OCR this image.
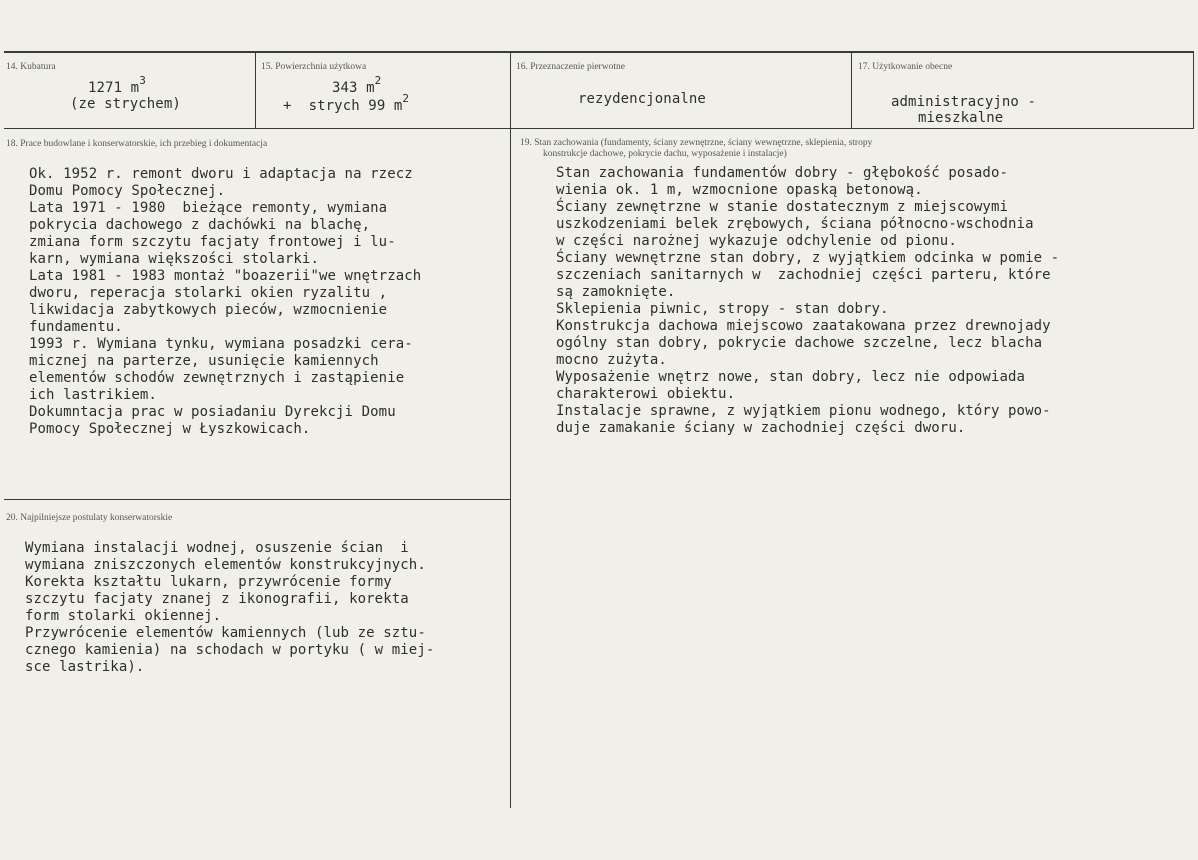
14. Kubatura
1271 $m^3$
(ze strychem)
15. Powierzchnia użytkowa
343 $m^2$
+  strych 99 $m^2$
16. Przeznaczenie pierwotne
rezydencjonalne
17. Użytkowanie obecne
administracyjno -
mieszkalne
18. Prace budowlane i konserwatorskie, ich przebieg i dokumentacja
Ok. 1952 r. remont dworu i adaptacja na rzecz
Domu Pomocy Społecznej.
Lata 1971 - 1980  bieżące remonty, wymiana
pokrycia dachowego z dachówki na blachę,
zmiana form szczytu facjaty frontowej i lu-
karn, wymiana większości stolarki.
Lata 1981 - 1983 montaż "boazerii"we wnętrzach
dworu, reperacja stolarki okien ryzalitu ,
likwidacja zabytkowych pieców, wzmocnienie
fundamentu.
1993 r. Wymiana tynku, wymiana posadzki cera-
micznej na parterze, usunięcie kamiennych
elementów schodów zewnętrznych i zastąpienie
ich lastrikiem.
Dokumntacja prac w posiadaniu Dyrekcji Domu
Pomocy Społecznej w Łyszkowicach.
19. Stan zachowania (fundamenty, ściany zewnętrzne, ściany wewnętrzne, sklepienia, stropy
konstrukcje dachowe, pokrycie dachu, wyposażenie i instalacje)
Stan zachowania fundamentów dobry - głębokość posado-
wienia ok. 1 m, wzmocnione opaską betonową.
Ściany zewnętrzne w stanie dostatecznym z miejscowymi
uszkodzeniami belek zrębowych, ściana północno-wschodnia
w części narożnej wykazuje odchylenie od pionu.
Ściany wewnętrzne stan dobry, z wyjątkiem odcinka w pomie -
szczeniach sanitarnych w  zachodniej części parteru, które
są zamoknięte.
Sklepienia piwnic, stropy - stan dobry.
Konstrukcja dachowa miejscowo zaatakowana przez drewnojady
ogólny stan dobry, pokrycie dachowe szczelne, lecz blacha
mocno zużyta.
Wyposażenie wnętrz nowe, stan dobry, lecz nie odpowiada
charakterowi obiektu.
Instalacje sprawne, z wyjątkiem pionu wodnego, który powo-
duje zamakanie ściany w zachodniej części dworu.
20. Najpilniejsze postulaty konserwatorskie
Wymiana instalacji wodnej, osuszenie ścian  i
wymiana zniszczonych elementów konstrukcyjnych.
Korekta kształtu lukarn, przywrócenie formy
szczytu facjaty znanej z ikonografii, korekta
form stolarki okiennej.
Przywrócenie elementów kamiennych (lub ze sztu-
cznego kamienia) na schodach w portyku ( w miej-
sce lastrika).
